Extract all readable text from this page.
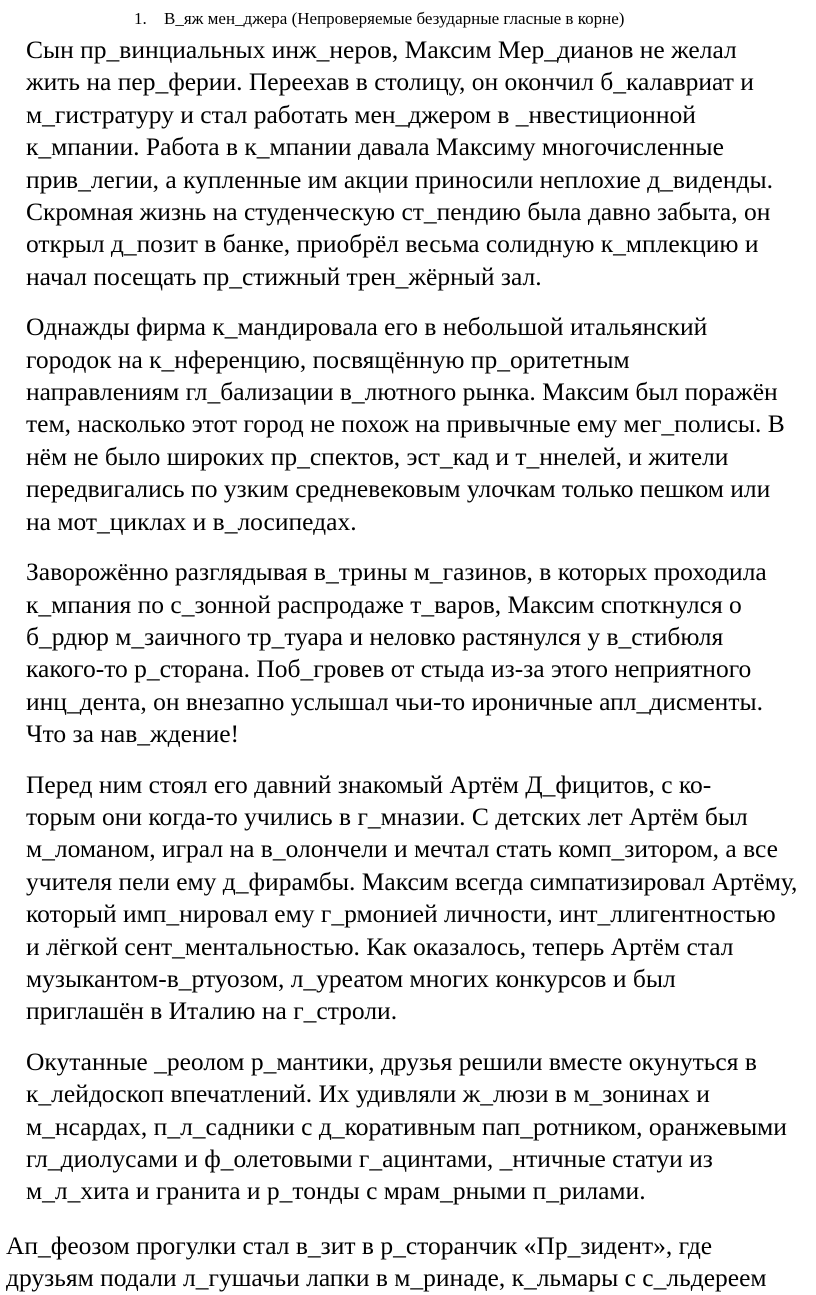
1. В_яж мен_джера (Непроверяемые безударные гласные в корне)

Сын пр_винциальных инж_неров, Максим Мер_дианов не желал
жить на пер_ферии. Переехав в столицу, он окончил б_калавриат и
м_гистратуру и стал работать мен_джером в _нвестиционной
к_мпании. Работа в к_мпании давала Максиму многочисленные
прив_легии, а купленные им акции приносили неплохие д_виденды.
Скромная жизнь на студенческую ст_пендию была давно забыта, он
открыл д_позит в банке, приобрёл весьма солидную к_мплекцию и
начал посещать пр_стижный трен_жёрный зал.

Однажды фирма к_мандировала его в небольшой итальянский
городок на к_нференцию, посвящённую пр_оритетным
направлениям гл_бализации в_лютного рынка. Максим был поражён
тем, насколько этот город не похож на привычные ему мег_полисы. В
нём не было широких пр_спектов, эст_кад и т_ннелей, и жители
передвигались по узким средневековым улочкам только пешком или
на мот_циклах и в_лосипедах.

Заворожённо разглядывая в_трины м_газинов, в которых проходила
к_мпания по с_зонной распродаже т_варов, Максим споткнулся о
б_рдюр м_заичного тр_туара и неловко растянулся у в_стибюля
какого-то р_сторана. Поб_гровев от стыда из-за этого неприятного
инц_дента, он внезапно услышал чьи-то ироничные апл_дисменты.
Что за нав_ждение!

Перед ним стоял его давний знакомый Артём Д_фицитов, с ко-
торым они когда-то учились в г_мназии. С детских лет Артём был
м_ломаном, играл на в_олончели и мечтал стать комп_зитором, а все
учителя пели ему д_фирамбы. Максим всегда симпатизировал Артёму,
который имп_нировал ему г_рмонией личности, инт_ллигентностью
и лёгкой сент_ментальностью. Как оказалось, теперь Артём стал
музыкантом-в_ртуозом, л_уреатом многих конкурсов и был
приглашён в Италию на г_строли.

Окутанные _реолом р_мантики, друзья решили вместе окунуться в
к_лейдоскоп впечатлений. Их удивляли ж_люзи в м_зонинах и
м_нсардах, п_л_садники с д_коративным пап_ротником, оранжевыми
гл_диолусами и ф_олетовыми г_ацинтами, _нтичные статуи из
м_л_хита и гранита и р_тонды с мрам_рными п_рилами.

Ап_феозом прогулки стал в_зит в р_сторанчик «Пр_зидент», где
друзьям подали л_гушачьи лапки в м_ринаде, к_льмары с с_льдереем
